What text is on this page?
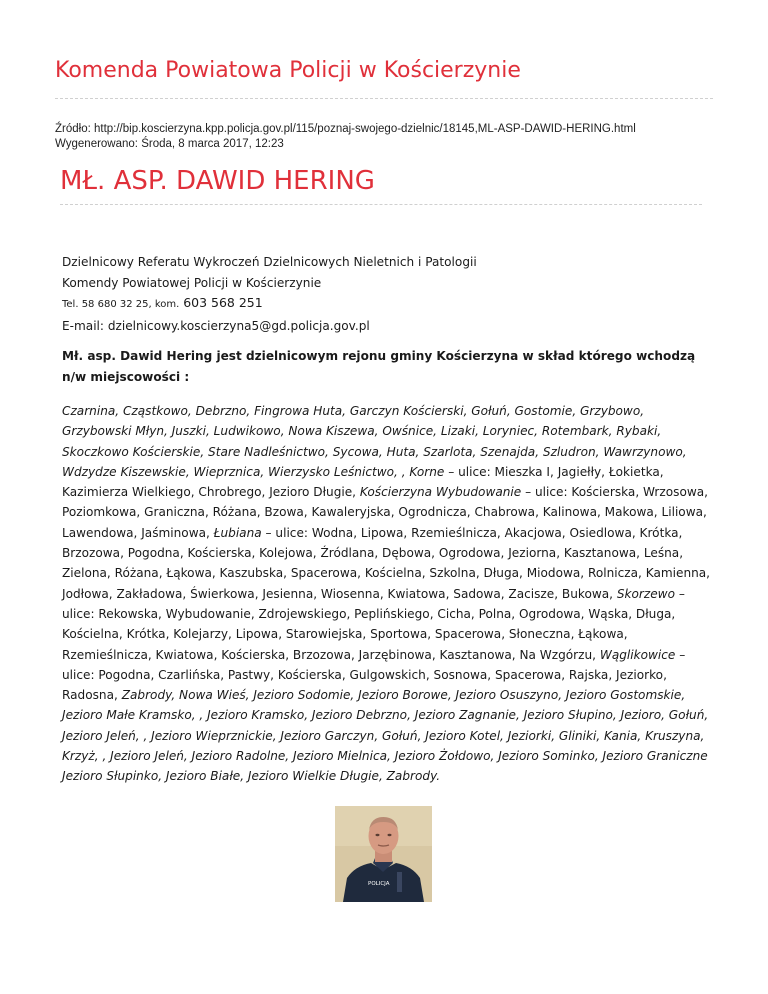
Komenda Powiatowa Policji w Kościerzynie
Źródło: http://bip.koscierzyna.kpp.policja.gov.pl/115/poznaj-swojego-dzielnic/18145,ML-ASP-DAWID-HERING.html
Wygenerowano: Środa, 8 marca 2017, 12:23
MŁ. ASP. DAWID HERING

Dzielnicowy Referatu Wykroczeń Dzielnicowych Nieletnich i Patologii

Komendy Powiatowej Policji w Kościerzynie

Tel. 58 680 32 25, kom. 603 568 251

E-mail: dzielnicowy.koscierzyna5@gd.policja.gov.pl

Mł. asp. Dawid Hering jest dzielnicowym rejonu gminy Kościerzyna w skład którego wchodzą n/w miejscowości :

Czarnina, Cząstkowo, Debrzno, Fingrowa Huta, Garczyn Kościerski, Gołuń, Gostomie, Grzybowo, Grzybowski Młyn, Juszki, Ludwikowo, Nowa Kiszewa, Owśnice, Lizaki, Loryniec, Rotembark, Rybaki, Skoczkowo Kościerskie, Stare Nadleśnictwo, Sycowa, Huta, Szarlota, Szenajda, Szludron, Wawrzynowo, Wdzydze Kiszewskie, Wieprznica, Wierzysko Leśnictwo, , Korne – ulice: Mieszka I, Jagiełły, Łokietka, Kazimierza Wielkiego, Chrobrego, Jezioro Długie, Kościerzyna Wybudowanie – ulice: Kościerska, Wrzosowa, Poziomkowa, Graniczna, Różana, Bzowa, Kawaleryjska, Ogrodnicza, Chabrowa, Kalinowa, Makowa, Liliowa, Lawendowa, Jaśminowa, Łubiana – ulice: Wodna, Lipowa, Rzemieślnicza, Akacjowa, Osiedlowa, Krótka, Brzozowa, Pogodna, Kościerska, Kolejowa, Źródlana, Dębowa, Ogrodowa, Jeziorna, Kasztanowa, Leśna, Zielona, Różana, Łąkowa, Kaszubska, Spacerowa, Kościelna, Szkolna, Długa, Miodowa, Rolnicza, Kamienna, Jodłowa, Zakładowa, Świerkowa, Jesienna, Wiosenna, Kwiatowa, Sadowa, Zacisze, Bukowa, Skorzewo – ulice: Rekowska, Wybudowanie, Zdrojewskiego, Peplińskiego, Cicha, Polna, Ogrodowa, Wąska, Długa, Kościelna, Krótka, Kolejarzy, Lipowa, Starowiejska, Sportowa, Spacerowa, Słoneczna, Łąkowa, Rzemieślnicza, Kwiatowa, Kościerska, Brzozowa, Jarzębinowa, Kasztanowa, Na Wzgórzu, Wąglikowice – ulice: Pogodna, Czarlińska, Pastwy, Kościerska, Gulgowskich, Sosnowa, Spacerowa, Rajska, Jeziorko, Radosna, Zabrody, Nowa Wieś, Jezioro Sodomie, Jezioro Borowe, Jezioro Osuszyno, Jezioro Gostomskie, Jezioro Małe Kramsko, , Jezioro Kramsko, Jezioro Debrzno, Jezioro Zagnanie, Jezioro Słupino, Jezioro, Gołuń, Jezioro Jeleń, , Jezioro Wieprznickie, Jezioro Garczyn, Gołuń, Jezioro Kotel, Jeziorki, Gliniki, Kania, Kruszyna, Krzyż, , Jezioro Jeleń, Jezioro Radolne, Jezioro Mielnica, Jezioro Żołdowo, Jezioro Sominko, Jezioro Graniczne Jezioro Słupinko, Jezioro Białe, Jezioro Wielkie Długie, Zabrody.

POLICJA
